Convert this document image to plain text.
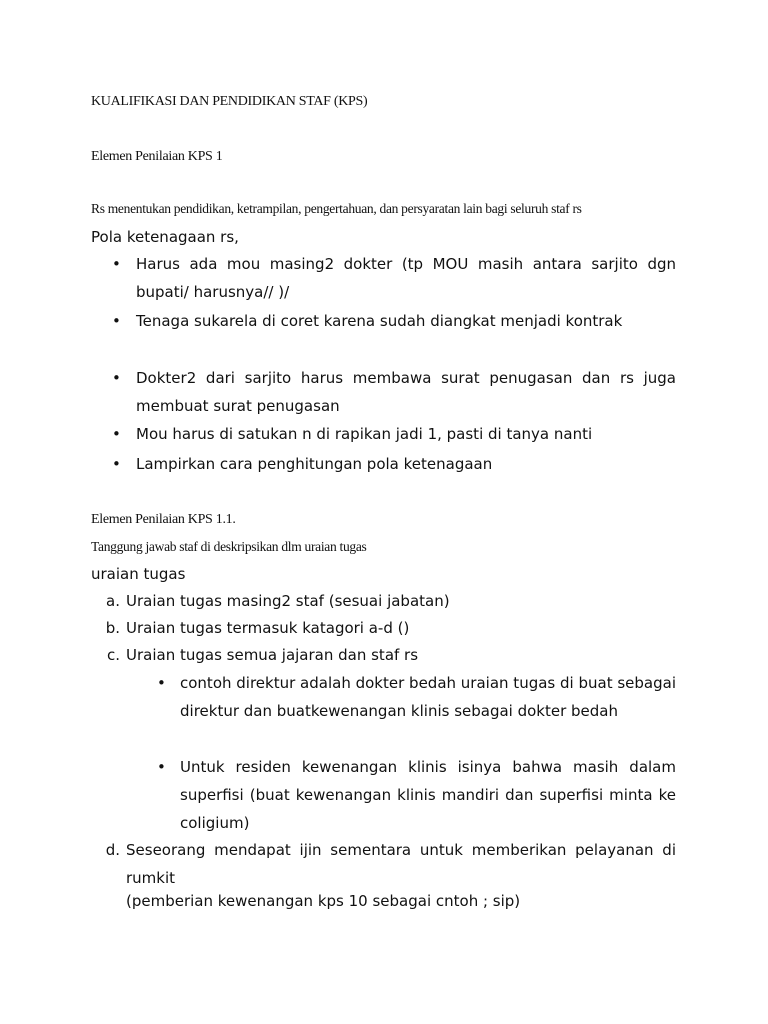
KUALIFIKASI DAN PENDIDIKAN STAF (KPS)
Elemen Penilaian KPS 1
Rs menentukan pendidikan, ketrampilan, pengertahuan, dan persyaratan lain bagi seluruh staf rs
Pola ketenagaan rs,
• Harus ada mou masing2 dokter (tp MOU masih antara sarjito dgn bupati/ harusnya// )/
• Tenaga sukarela di coret karena sudah diangkat menjadi kontrak
• Dokter2 dari sarjito harus membawa surat penugasan dan rs juga membuat surat penugasan
• Mou harus di satukan n di rapikan jadi 1, pasti di tanya nanti
• Lampirkan cara penghitungan pola ketenagaan
Elemen Penilaian KPS 1.1.
Tanggung jawab staf di deskripsikan dlm uraian tugas
uraian tugas
a. Uraian tugas masing2 staf (sesuai jabatan)
b. Uraian tugas termasuk katagori a-d ()
c. Uraian tugas semua jajaran dan staf rs
• contoh direktur adalah dokter bedah uraian tugas di buat sebagai direktur dan buatkewenangan klinis sebagai dokter bedah
• Untuk residen kewenangan klinis isinya bahwa masih dalam superfisi (buat kewenangan klinis mandiri dan superfisi minta ke coligium)
d. Seseorang mendapat ijin sementara untuk memberikan pelayanan di rumkit
(pemberian kewenangan kps 10 sebagai cntoh ; sip)
